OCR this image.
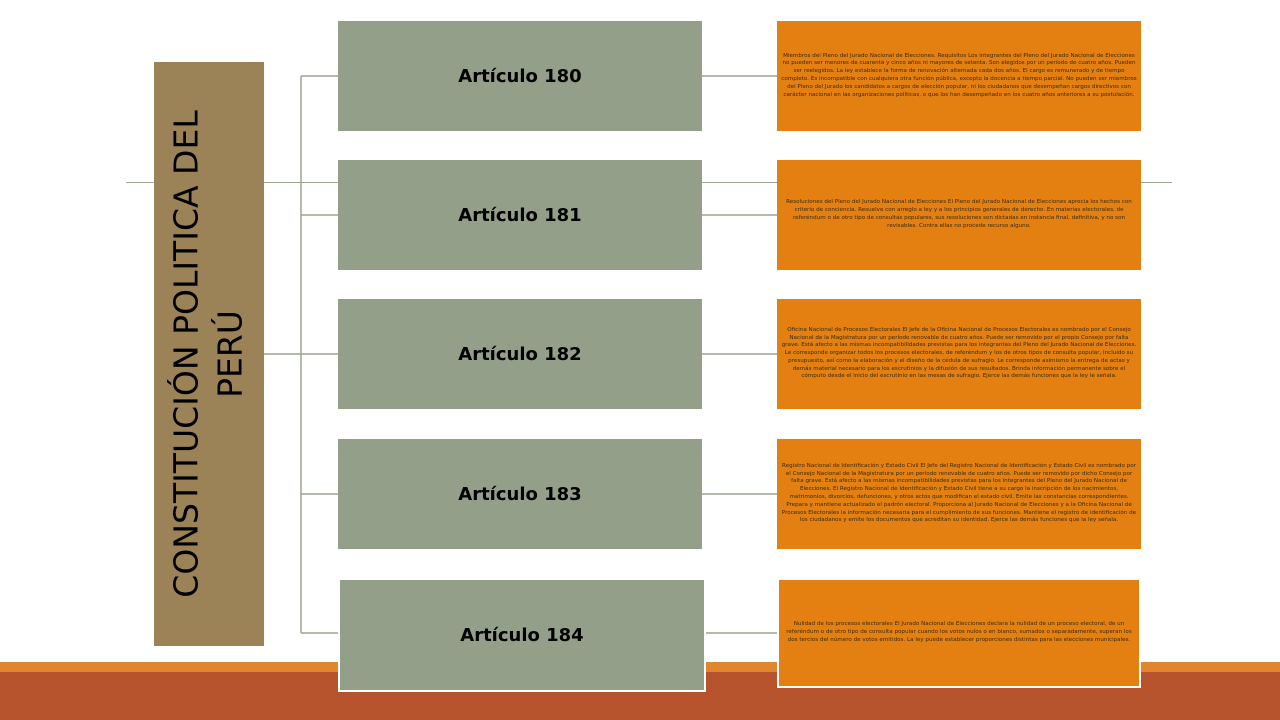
CONSTITUCIÓN POLITICA DEL PERÚ
Artículo 180
Artículo 181
Artículo 182
Artículo 183
Artículo 184
Miembros del Pleno del Jurado Nacional de Elecciones. Requisitos Los integrantes del Pleno del Jurado Nacional de Elecciones no pueden ser menores de cuarenta y cinco años ni mayores de setenta. Son elegidos por un período de cuatro años. Pueden ser reelegidos. La ley establece la forma de renovación alternada cada dos años. El cargo es remunerado y de tiempo completo. Es incompatible con cualquiera otra función pública, excepto la docencia a tiempo parcial. No pueden ser miembros del Pleno del Jurado los candidatos a cargos de elección popular, ni los ciudadanos que desempeñan cargos directivos con carácter nacional en las organizaciones políticas, o que los han desempeñado en los cuatro años anteriores a su postulación.
Resoluciones del Pleno del Jurado Nacional de Elecciones El Pleno del Jurado Nacional de Elecciones aprecia los hechos con criterio de conciencia. Resuelve con arreglo a ley y a los principios generales de derecho. En materias electorales, de referéndum o de otro tipo de consultas populares, sus resoluciones son dictadas en instancia final, definitiva, y no son revisables. Contra ellas no procede recurso alguno.
Oficina Nacional de Procesos Electorales El Jefe de la Oficina Nacional de Procesos Electorales es nombrado por el Consejo Nacional de la Magistratura por un período renovable de cuatro años. Puede ser removido por el propio Consejo por falta grave. Está afecto a las mismas incompatibilidades previstas para los integrantes del Pleno del Jurado Nacional de Elecciones. Le corresponde organizar todos los procesos electorales, de referéndum y los de otros tipos de consulta popular, incluido su presupuesto, así como la elaboración y el diseño de la cédula de sufragio. Le corresponde asimismo la entrega de actas y demás material necesario para los escrutinios y la difusión de sus resultados. Brinda información permanente sobre el cómputo desde el inicio del escrutinio en las mesas de sufragio. Ejerce las demás funciones que la ley le señala.
Registro Nacional de Identificación y Estado Civil El Jefe del Registro Nacional de Identificación y Estado Civil es nombrado por el Consejo Nacional de la Magistratura por un período renovable de cuatro años. Puede ser removido por dicho Consejo por falta grave. Está afecto a las mismas incompatibilidades previstas para los integrantes del Pleno del Jurado Nacional de Elecciones. El Registro Nacional de Identificación y Estado Civil tiene a su cargo la inscripción de los nacimientos, matrimonios, divorcios, defunciones, y otros actos que modifican el estado civil. Emite las constancias correspondientes. Prepara y mantiene actualizado el padrón electoral. Proporciona al Jurado Nacional de Elecciones y a la Oficina Nacional de Procesos Electorales la información necesaria para el cumplimiento de sus funciones. Mantiene el registro de identificación de los ciudadanos y emite los documentos que acreditan su identidad. Ejerce las demás funciones que la ley señala.
Nulidad de los procesos electorales El Jurado Nacional de Elecciones declara la nulidad de un proceso electoral, de un referéndum o de otro tipo de consulta popular cuando los votos nulos o en blanco, sumados o separadamente, superan los dos tercios del número de votos emitidos. La ley puede establecer proporciones distintas para las elecciones municipales.
